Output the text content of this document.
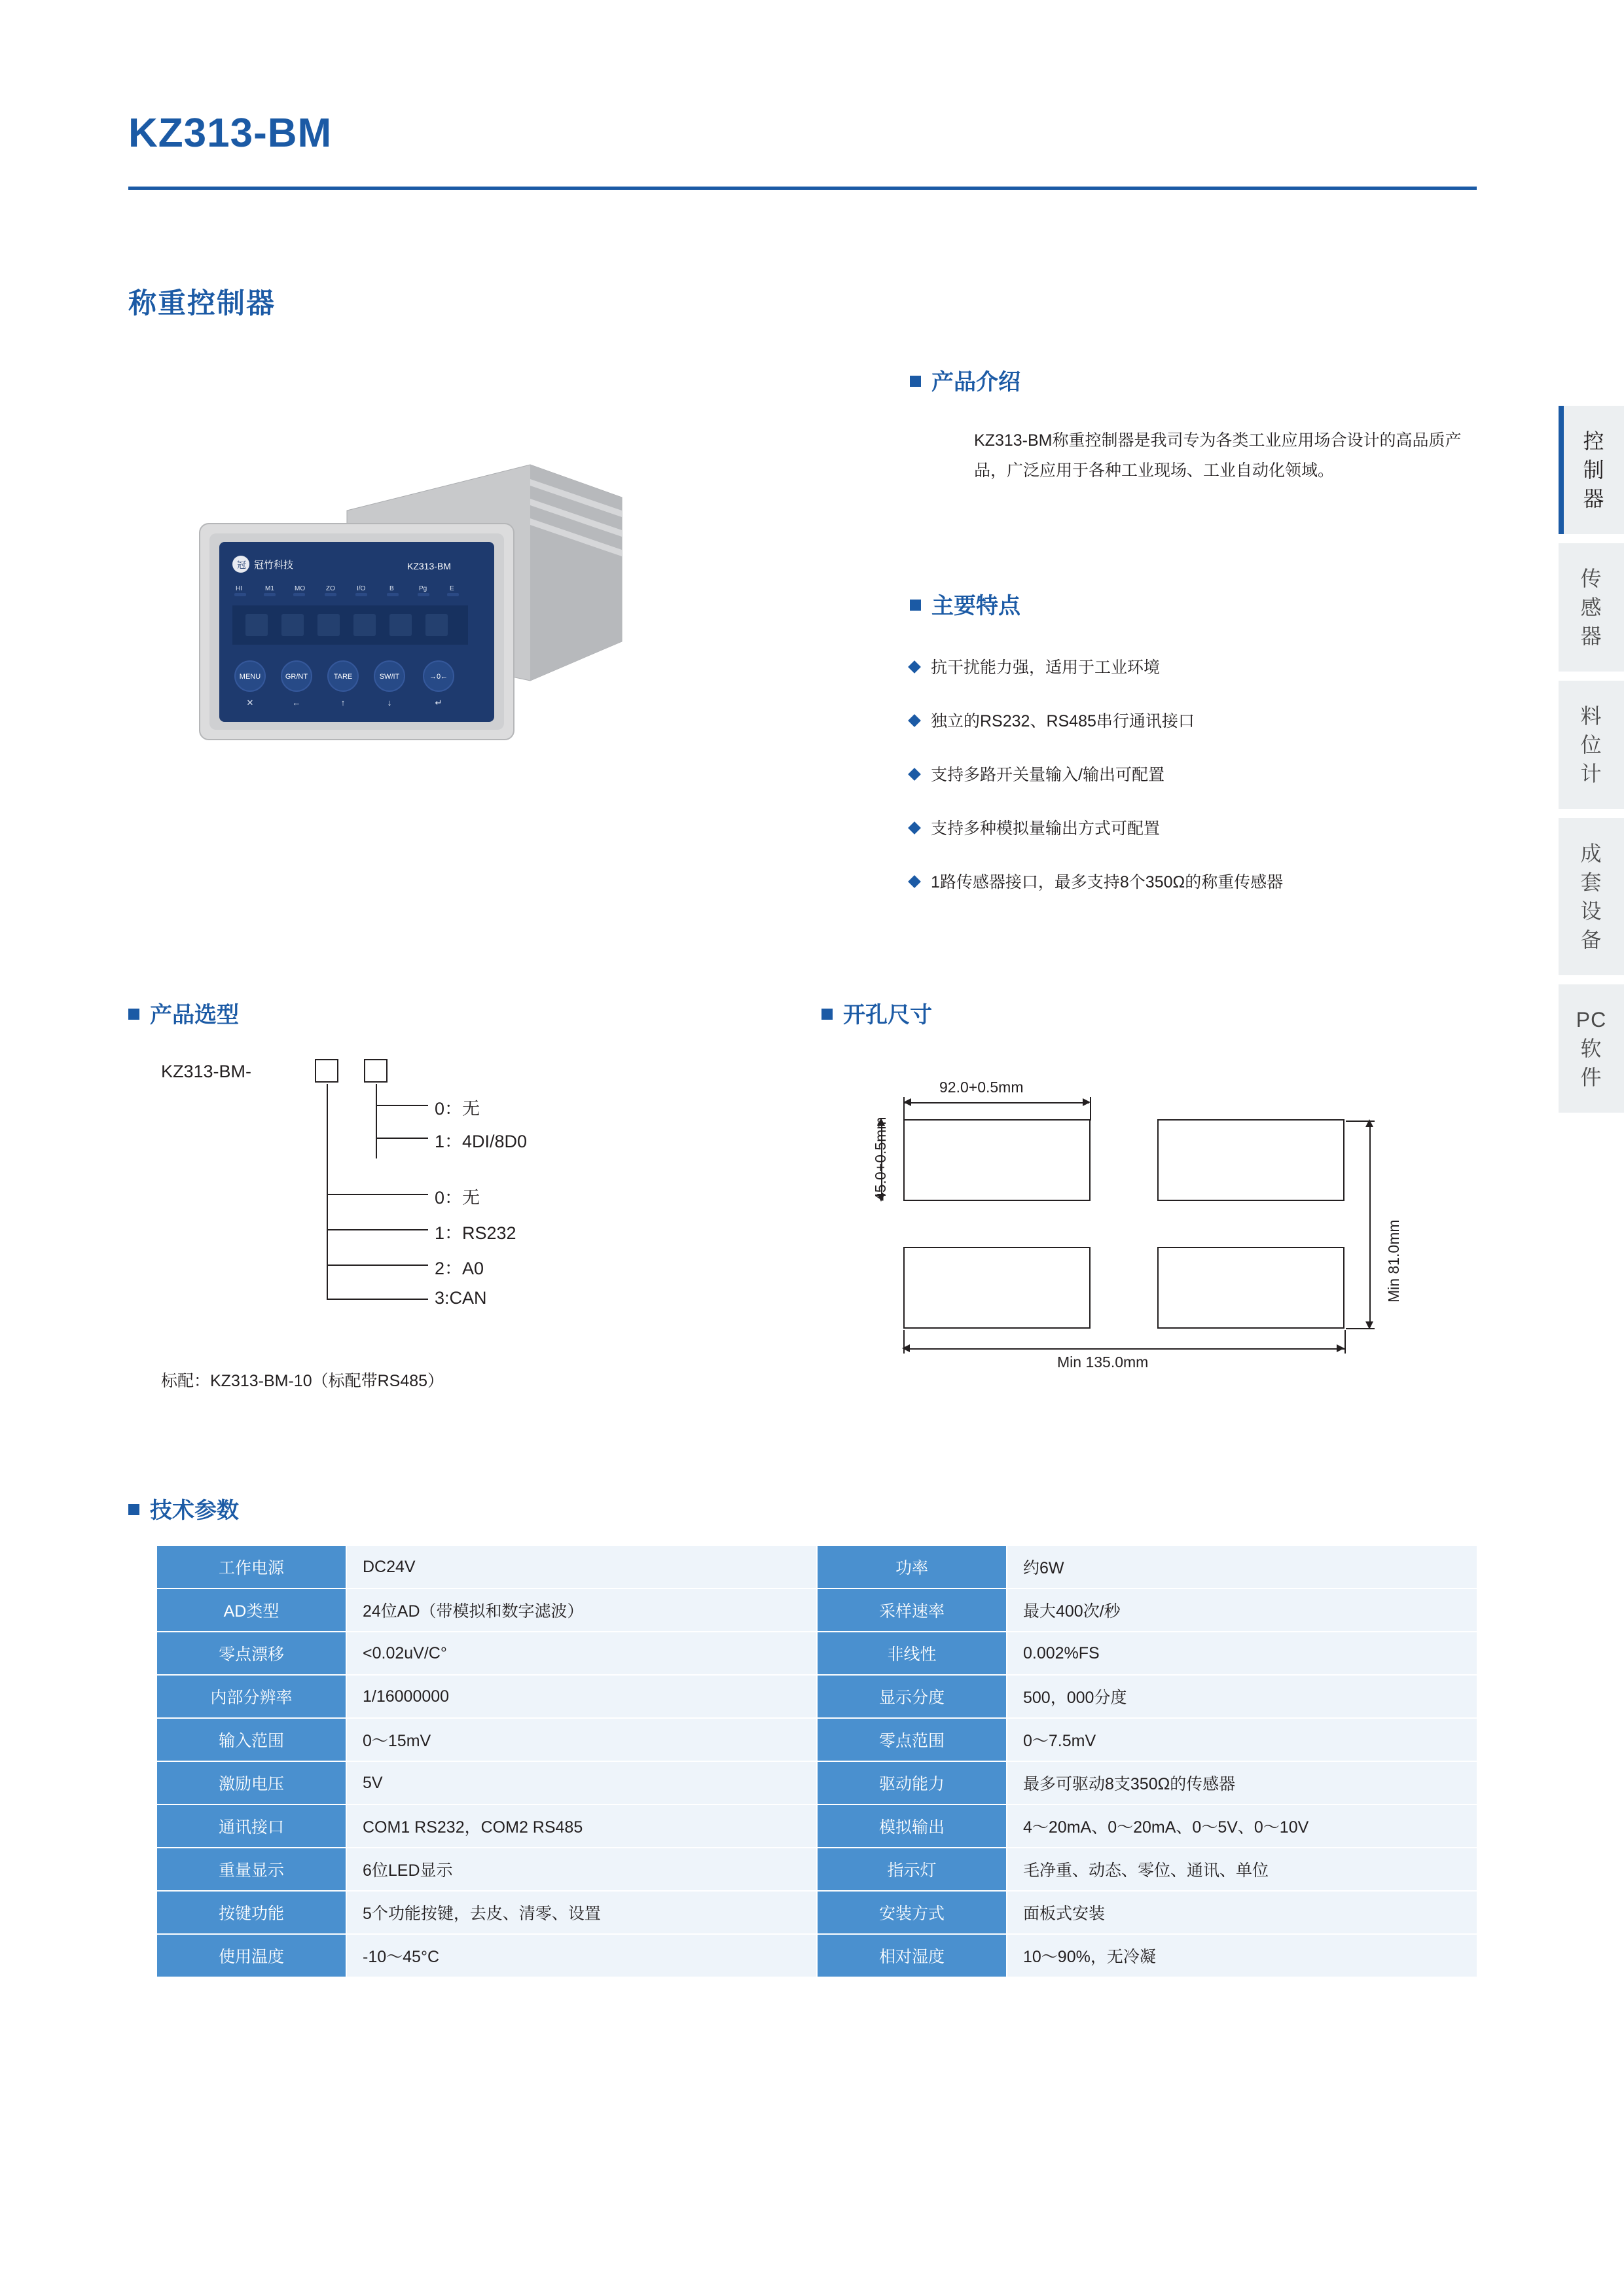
KZ313-BM
称重控制器
冠 冠竹科技	KZ313-BM
HI	M1	MO	ZO	I/O	B	Pg	E
MENU	GR/NT	TARE	SW/IT	→0←
✕	←	↑	↓	↵
产品介绍
KZ313-BM称重控制器是我司专为各类工业应用场合设计的高品质产品，广泛应用于各种工业现场、工业自动化领域。
主要特点
抗干扰能力强，适用于工业环境
独立的RS232、RS485串行通讯接口
支持多路开关量输入/输出可配置
支持多种模拟量输出方式可配置
1路传感器接口，最多支持8个350Ω的称重传感器
产品选型
KZ313-BM-
0：无
1：4DI/8D0
0：无
1：RS232
2：A0
3:CAN
标配：KZ313-BM-10（标配带RS485）
开孔尺寸
92.0+0.5mm
45.0+0.5mm
Min 81.0mm
Min 135.0mm
技术参数
工作电源	DC24V	功率	约6W
AD类型	24位AD（带模拟和数字滤波）	采样速率	最大400次/秒
零点漂移	<0.02uV/C°	非线性	0.002%FS
内部分辨率	1/16000000	显示分度	500，000分度
输入范围	0～15mV	零点范围	0～7.5mV
激励电压	5V	驱动能力	最多可驱动8支350Ω的传感器
通讯接口	COM1 RS232，COM2 RS485	模拟输出	4～20mA、0～20mA、0～5V、0～10V
重量显示	6位LED显示	指示灯	毛净重、动态、零位、通讯、单位
按键功能	5个功能按键，去皮、清零、设置	安装方式	面板式安装
使用温度	-10～45°C	相对湿度	10～90%，无冷凝
控
制
器
传
感
器
料
位
计
成
套
设
备
PC
软
件
